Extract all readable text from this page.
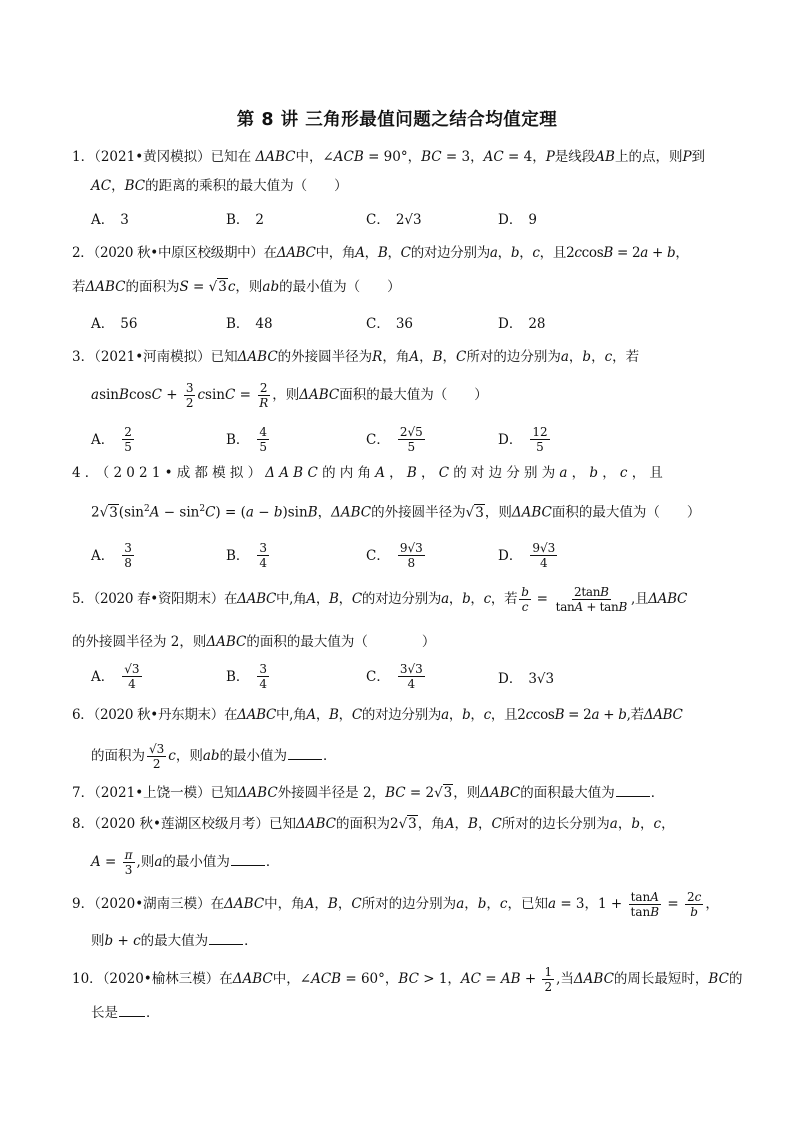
第 8 讲 三角形最值问题之结合均值定理
1．（2021•黄冈模拟）已知在 ΔABC中，∠ACB = 90°，BC = 3，AC = 4，P是线段AB上的点，则P到
AC，BC的距离的乘积的最大值为（　　）
A． 3	B． 2	C． 2√3	D． 9
2．（2020 秋•中原区校级期中）在ΔABC中，角A，B，C的对边分别为a，b，c，且2ccosB = 2a + b，
若ΔABC的面积为S = √3c，则ab的最小值为（　　）
A． 56	B． 48	C． 36	D． 28
3．（2021•河南模拟）已知ΔABC的外接圆半径为R，角A，B，C所对的边分别为a，b，c，若
asinBcosC + $\frac{3}{2}$ $csinC = \frac{2}{R}$ ，则ΔABC面积的最大值为（　　）
A． $\frac{2}{5}$	B． $\frac{4}{5}$	C． $\frac{2√5}{5}$	D． $\frac{12}{5}$
4．（2021•成都模拟）ΔABC的内角A，B，C的对边分别为a，b，c，且
$2√3(\sin^2A - \sin^2C) = (a - b)\sin B$，ΔABC的外接圆半径为√3，则ΔABC面积的最大值为（　　）
A． $\frac{3}{8}$	B． $\frac{3}{4}$	C． $\frac{9√3}{8}$	D． $\frac{9√3}{4}$
5．（2020 春•资阳期末）在ΔABC中,角A，B，C的对边分别为a，b，c，若 $\frac{b}{c} = \frac{2\tan B}{\tan A + \tan B}$ ,且ΔABC
的外接圆半径为 2，则ΔABC的面积的最大值为（　　　　）
A． $\frac{√3}{4}$	B． $\frac{3}{4}$	C． $\frac{3√3}{4}$	D． 3√3
6．（2020 秋•丹东期末）在ΔABC中,角A，B，C的对边分别为a，b，c，且2ccosB = 2a + b,若ΔABC
的面积为 $\frac{√3}{2}$ c，则ab的最小值为	．
7．（2021•上饶一模）已知ΔABC外接圆半径是 2，BC = 2√3，则ΔABC的面积最大值为	．
8．（2020 秋•莲湖区校级月考）已知ΔABC的面积为2√3，角A，B，C所对的边长分别为a，b，c，
$A = \frac{\pi}{3}$ ,则a的最小值为	．
9．（2020•湖南三模）在ΔABC中，角A，B，C所对的边分别为a，b，c，已知a = 3，$1 + \frac{\tan A}{\tan B} = \frac{2c}{b}$ ，
则b + c的最大值为	．
10．（2020•榆林三模）在ΔABC中，∠ACB = 60°，BC > 1，AC = AB + $\frac{1}{2}$ ,当ΔABC的周长最短时，BC的
长是 ．
